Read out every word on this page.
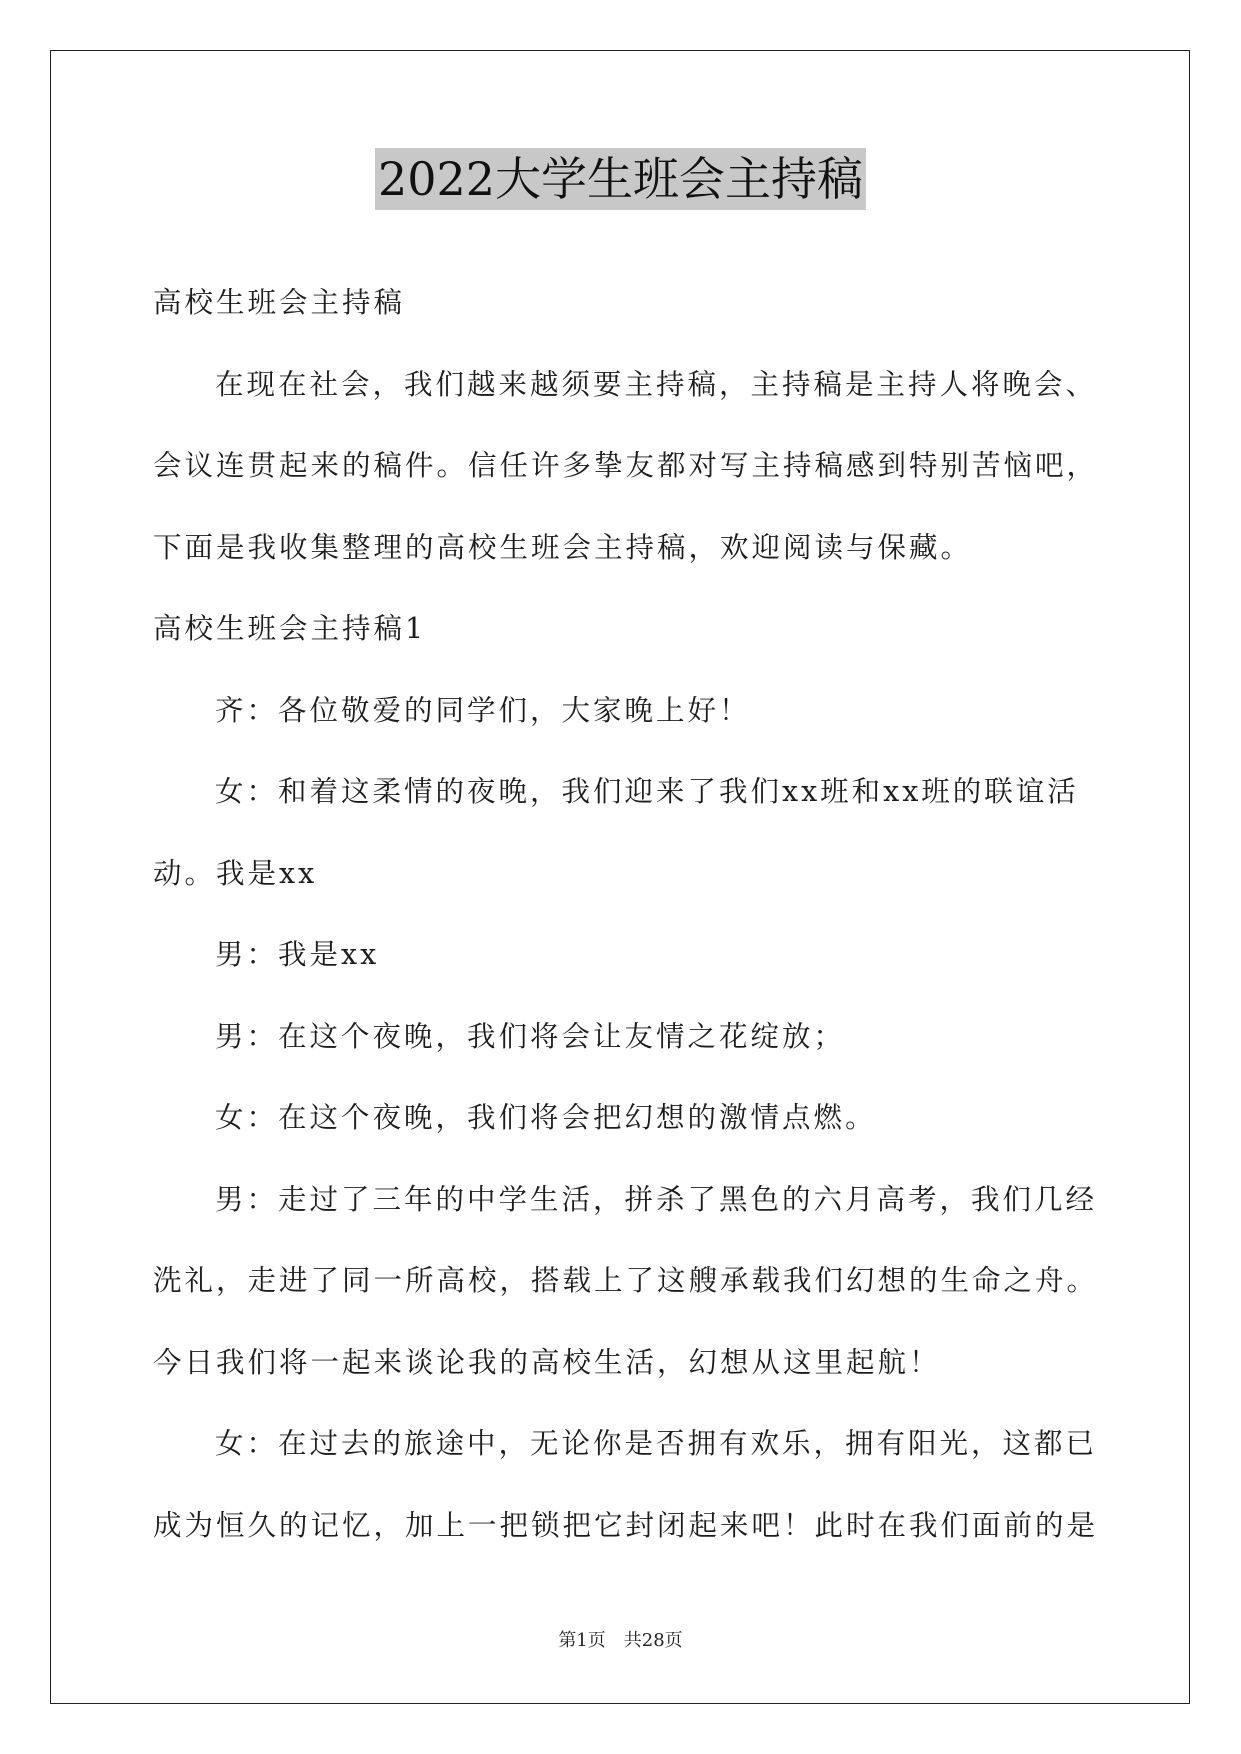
2022大学生班会主持稿
高校生班会主持稿
在现在社会，我们越来越须要主持稿，主持稿是主持人将晚会、
会议连贯起来的稿件。信任许多挚友都对写主持稿感到特别苦恼吧，
下面是我收集整理的高校生班会主持稿，欢迎阅读与保藏。
高校生班会主持稿1
齐：各位敬爱的同学们，大家晚上好！
女：和着这柔情的夜晚，我们迎来了我们xx班和xx班的联谊活
动。我是xx
男：我是xx
男：在这个夜晚，我们将会让友情之花绽放；
女：在这个夜晚，我们将会把幻想的激情点燃。
男：走过了三年的中学生活，拼杀了黑色的六月高考，我们几经
洗礼，走进了同一所高校，搭载上了这艘承载我们幻想的生命之舟。
今日我们将一起来谈论我的高校生活，幻想从这里起航！
女：在过去的旅途中，无论你是否拥有欢乐，拥有阳光，这都已
成为恒久的记忆，加上一把锁把它封闭起来吧！此时在我们面前的是
第1页　共28页
